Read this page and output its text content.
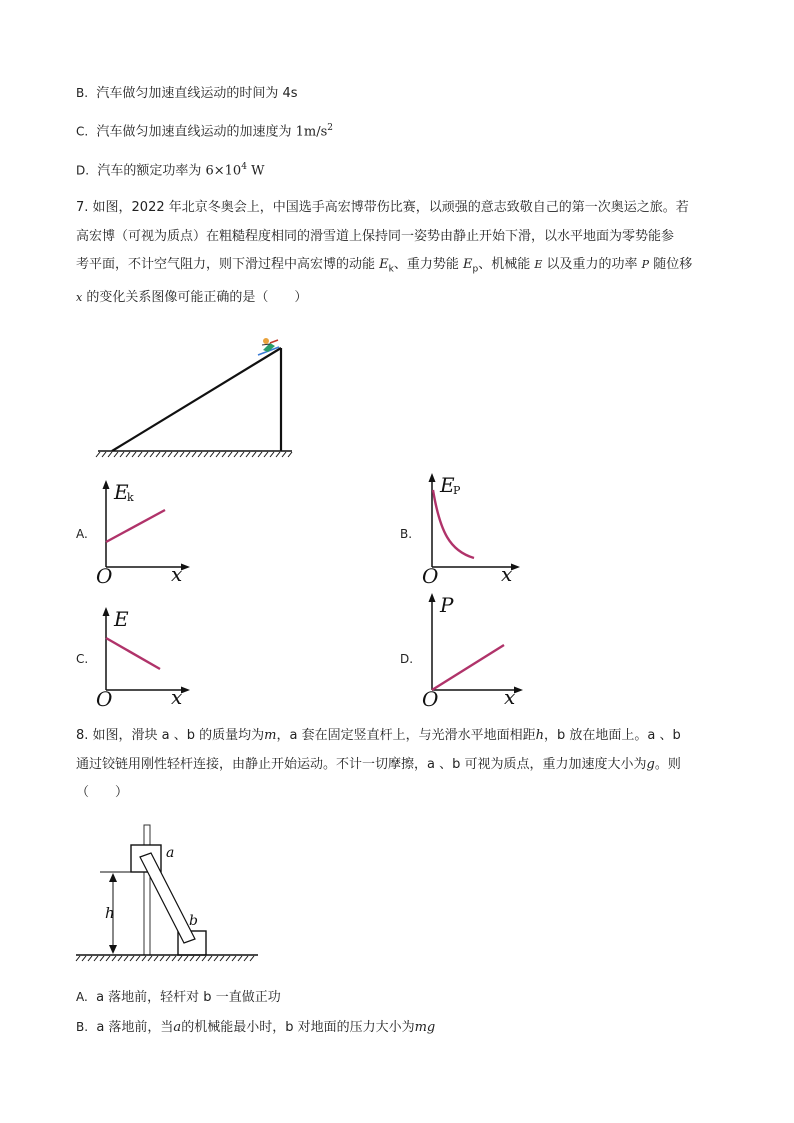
B. 汽车做匀加速直线运动的时间为 4s
C. 汽车做匀加速直线运动的加速度为 $1m/s^2$
D. 汽车的额定功率为 $6\times 10^4$ W
7. 如图，2022 年北京冬奥会上，中国选手高宏博带伤比赛，以顽强的意志致敬自己的第一次奥运之旅。若
高宏博（可视为质点）在粗糙程度相同的滑雪道上保持同一姿势由静止开始下滑，以水平地面为零势能参
考平面，不计空气阻力，则下滑过程中高宏博的动能 $E_k$、重力势能 $E_p$、机械能 E 以及重力的功率 P 随位移
x 的变化关系图像可能正确的是（　　）
A.
E
k
O	x
B.
E
P
O	x
C.
E
O	x
D.
P
O	x
8. 如图，滑块 a 、b 的质量均为m，a 套在固定竖直杆上，与光滑水平地面相距h，b 放在地面上。a 、b
通过铰链用刚性轻杆连接，由静止开始运动。不计一切摩擦，a 、b 可视为质点，重力加速度大小为g。则
（　　）
a
b
h
A. a 落地前，轻杆对 b 一直做正功
B. a 落地前，当a的机械能最小时，b 对地面的压力大小为mg
